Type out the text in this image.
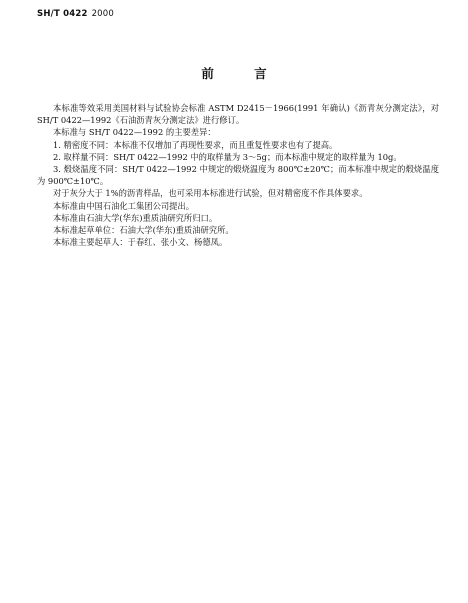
SH/T 0422 2000
前 言

本标准等效采用美国材料与试验协会标准 ASTM D2415－1966(1991 年确认)《沥青灰分测定法》，对 SH/T 0422—1992《石油沥青灰分测定法》进行修订。

本标准与 SH/T 0422—1992 的主要差异：

1. 精密度不同：本标准不仅增加了再现性要求，而且重复性要求也有了提高。

2. 取样量不同：SH/T 0422—1992 中的取样量为 3～5g；而本标准中规定的取样量为 10g。

3. 煅烧温度不同：SH/T 0422—1992 中规定的煅烧温度为 800℃±20℃；而本标准中规定的煅烧温度为 900℃±10℃。

对于灰分大于 1%的沥青样品，也可采用本标准进行试验，但对精密度不作具体要求。

本标准由中国石油化工集团公司提出。

本标准由石油大学(华东)重质油研究所归口。

本标准起草单位：石油大学(华东)重质油研究所。

本标准主要起草人：于春红、张小文、杨德凤。
